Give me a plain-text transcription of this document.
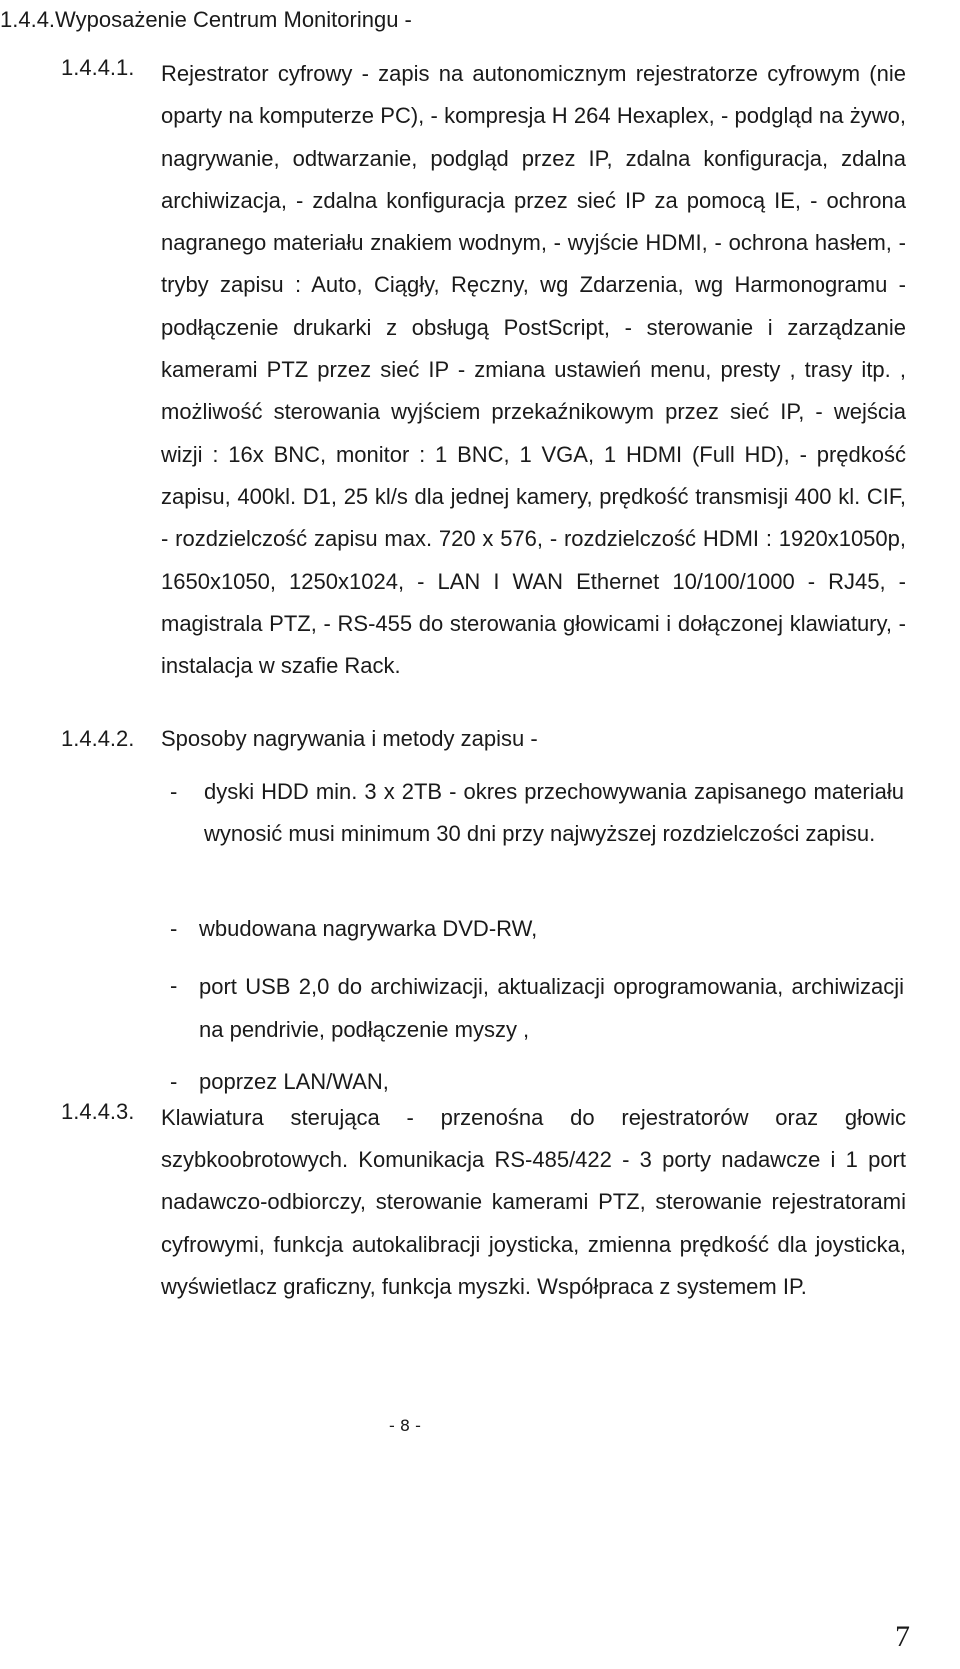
1.4.4.Wyposażenie Centrum Monitoringu -
1.4.4.1.	Rejestrator cyfrowy - zapis na autonomicznym rejestratorze cyfrowym (nie oparty na komputerze PC), - kompresja H 264 Hexaplex, - podgląd na żywo, nagrywanie, odtwarzanie, podgląd przez IP, zdalna konfiguracja, zdalna archiwizacja, - zdalna konfiguracja przez sieć IP za pomocą IE, - ochrona nagranego materiału znakiem wodnym, - wyjście HDMI, - ochrona hasłem, - tryby zapisu : Auto, Ciągły, Ręczny, wg Zdarzenia, wg Harmonogramu -podłączenie drukarki z obsługą PostScript, - sterowanie i zarządzanie kamerami PTZ przez sieć IP - zmiana ustawień menu, presty , trasy itp. , możliwość sterowania wyjściem przekaźnikowym przez sieć IP, - wejścia wizji : 16x BNC, monitor : 1 BNC, 1 VGA, 1 HDMI (Full HD), - prędkość zapisu, 400kl. D1, 25 kl/s dla jednej kamery, prędkość transmisji 400 kl. CIF, - rozdzielczość zapisu max. 720 x 576, - rozdzielczość HDMI : 1920x1050p, 1650x1050, 1250x1024, - LAN I WAN Ethernet 10/100/1000 - RJ45, - magistrala PTZ, - RS-455 do sterowania głowicami i dołączonej klawiatury, - instalacja w szafie Rack.
1.4.4.2.	Sposoby nagrywania i metody zapisu -
-	dyski HDD min. 3 x 2TB - okres przechowywania zapisanego materiału wynosić musi minimum 30 dni przy najwyższej rozdzielczości zapisu.
- wbudowana nagrywarka DVD-RW,
- port USB 2,0 do archiwizacji, aktualizacji oprogramowania, archiwizacji na pendrivie, podłączenie myszy ,
- poprzez LAN/WAN,
1.4.4.3.	Klawiatura sterująca - przenośna do rejestratorów oraz głowic szybkoobrotowych. Komunikacja RS-485/422 - 3 porty nadawcze i 1 port nadawczo-odbiorczy, sterowanie kamerami PTZ, sterowanie rejestratorami cyfrowymi, funkcja autokalibracji joysticka, zmienna prędkość dla joysticka, wyświetlacz graficzny, funkcja myszki. Współpraca z systemem IP.
- 8 -
7
